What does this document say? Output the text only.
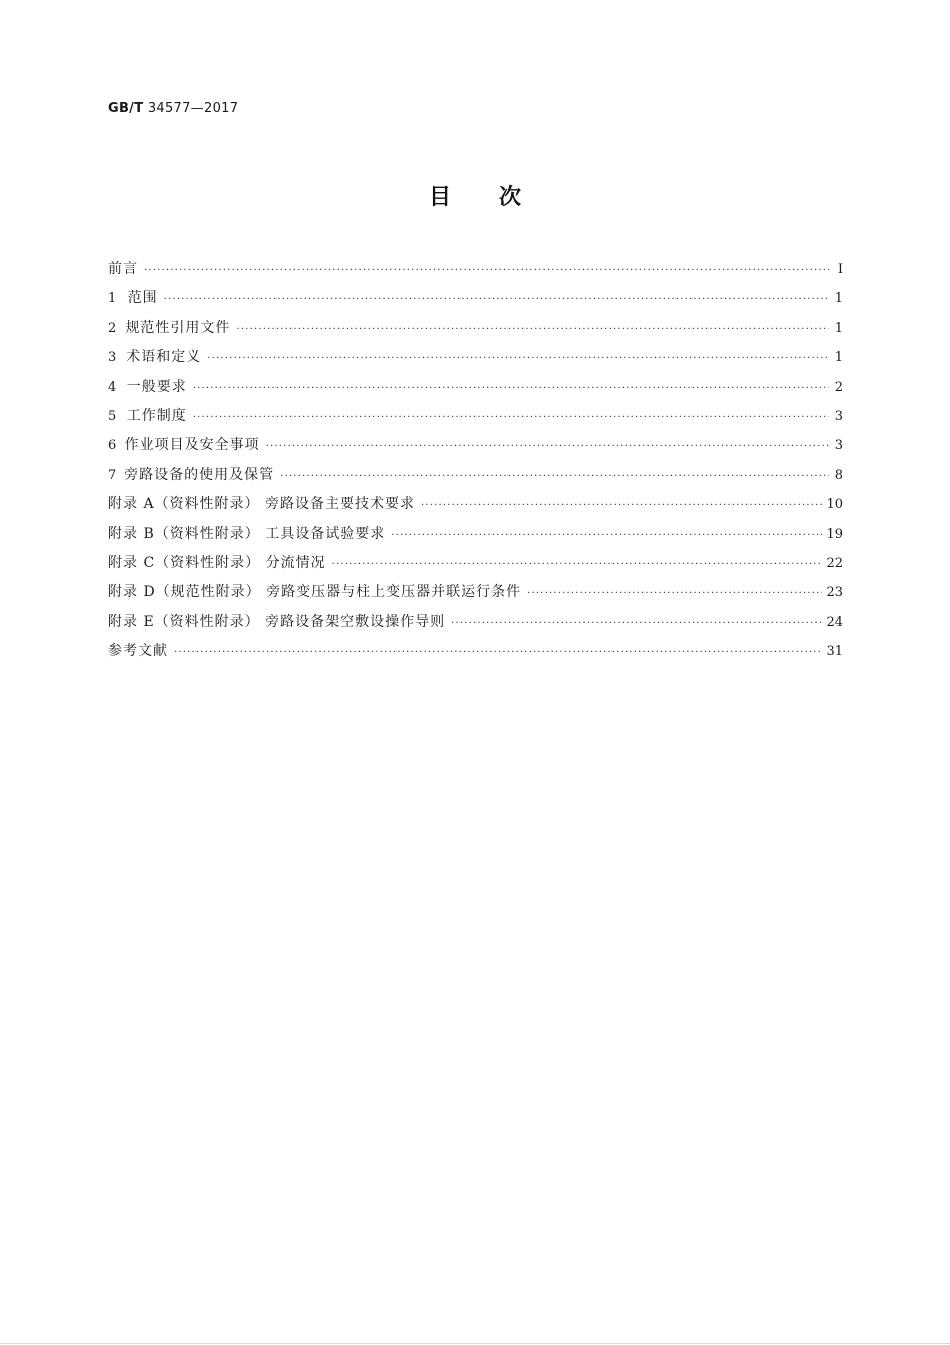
GB/T 34577—2017
目次
前言 ·····	Ⅰ
1 范围 ·····	1
2 规范性引用文件 ·····	1
3 术语和定义 ·····	1
4 一般要求 ·····	2
5 工作制度 ·····	3
6 作业项目及安全事项 ·····	3
7 旁路设备的使用及保管 ·····	8
附录 A（资料性附录） 旁路设备主要技术要求 ·····	10
附录 B（资料性附录） 工具设备试验要求 ·····	19
附录 C（资料性附录） 分流情况 ·····	22
附录 D（规范性附录） 旁路变压器与柱上变压器并联运行条件 ·····	23
附录 E（资料性附录） 旁路设备架空敷设操作导则 ·····	24
参考文献 ·····	31
